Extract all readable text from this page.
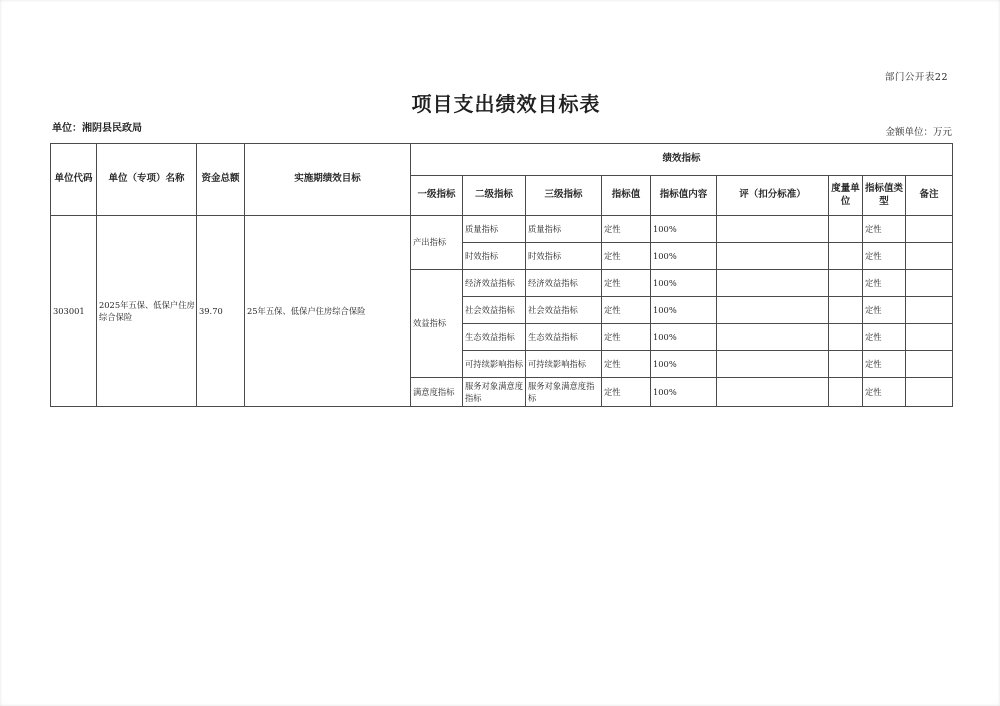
部门公开表22
项目支出绩效目标表
单位：湘阴县民政局	金额单位：万元
单位代码	单位（专项）名称	资金总额	实施期绩效目标	绩效指标								
				一级指标	二级指标	三级指标	指标值	指标值内容	评（扣分标准）	度量单位	指标值类型	备注
303001	2025年五保、低保户住房综合保险	39.70	25年五保、低保户住房综合保险	产出指标	质量指标	质量指标	定性	100%			定性	
					时效指标	时效指标	定性	100%			定性	
				效益指标	经济效益指标	经济效益指标	定性	100%			定性	
					社会效益指标	社会效益指标	定性	100%			定性	
					生态效益指标	生态效益指标	定性	100%			定性	
					可持续影响指标	可持续影响指标	定性	100%			定性	
				满意度指标	服务对象满意度指标	服务对象满意度指标	定性	100%			定性	
